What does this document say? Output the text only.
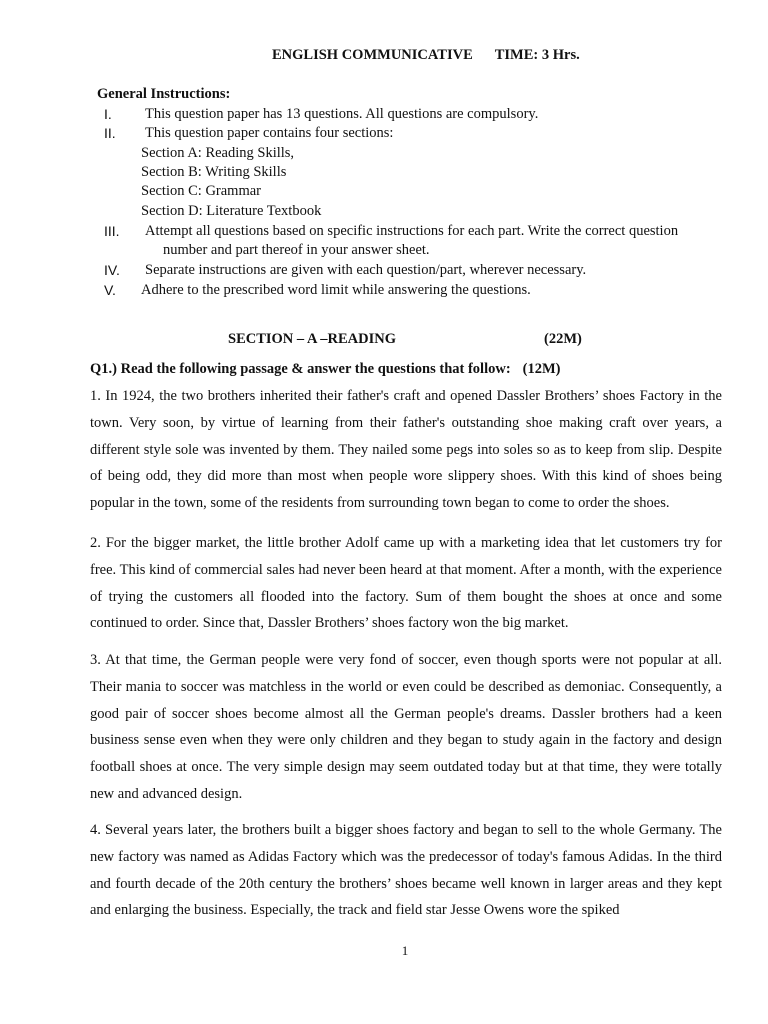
ENGLISH COMMUNICATIVE TIME: 3 Hrs.
General Instructions:
I. This question paper has 13 questions. All questions are compulsory.
II. This question paper contains four sections:
Section A: Reading Skills,
Section B: Writing Skills
Section C: Grammar
Section D: Literature Textbook
III. Attempt all questions based on specific instructions for each part. Write the correct question
number and part thereof in your answer sheet.
IV. Separate instructions are given with each question/part, wherever necessary.
V. Adhere to the prescribed word limit while answering the questions.
SECTION – A –READING	(22M)
Q1.) Read the following passage & answer the questions that follow: (12M)

1. In 1924, the two brothers inherited their father's craft and opened Dassler Brothers’ shoes Factory in the town. Very soon, by virtue of learning from their father's outstanding shoe making craft over years, a different style sole was invented by them. They nailed some pegs into soles so as to keep from slip. Despite of being odd, they did more than most when people wore slippery shoes. With this kind of shoes being popular in the town, some of the residents from surrounding town began to come to order the shoes.

2. For the bigger market, the little brother Adolf came up with a marketing idea that let customers try for free. This kind of commercial sales had never been heard at that moment. After a month, with the experience of trying the customers all flooded into the factory. Sum of them bought the shoes at once and some continued to order. Since that, Dassler Brothers’ shoes factory won the big market.

3. At that time, the German people were very fond of soccer, even though sports were not popular at all. Their mania to soccer was matchless in the world or even could be described as demoniac. Consequently, a good pair of soccer shoes become almost all the German people's dreams. Dassler brothers had a keen business sense even when they were only children and they began to study again in the factory and design football shoes at once. The very simple design may seem outdated today but at that time, they were totally new and advanced design.

4. Several years later, the brothers built a bigger shoes factory and began to sell to the whole Germany. The new factory was named as Adidas Factory which was the predecessor of today's famous Adidas. In the third and fourth decade of the 20th century the brothers’ shoes became well known in larger areas and they kept and enlarging the business. Especially, the track and field star Jesse Owens wore the spiked

1
